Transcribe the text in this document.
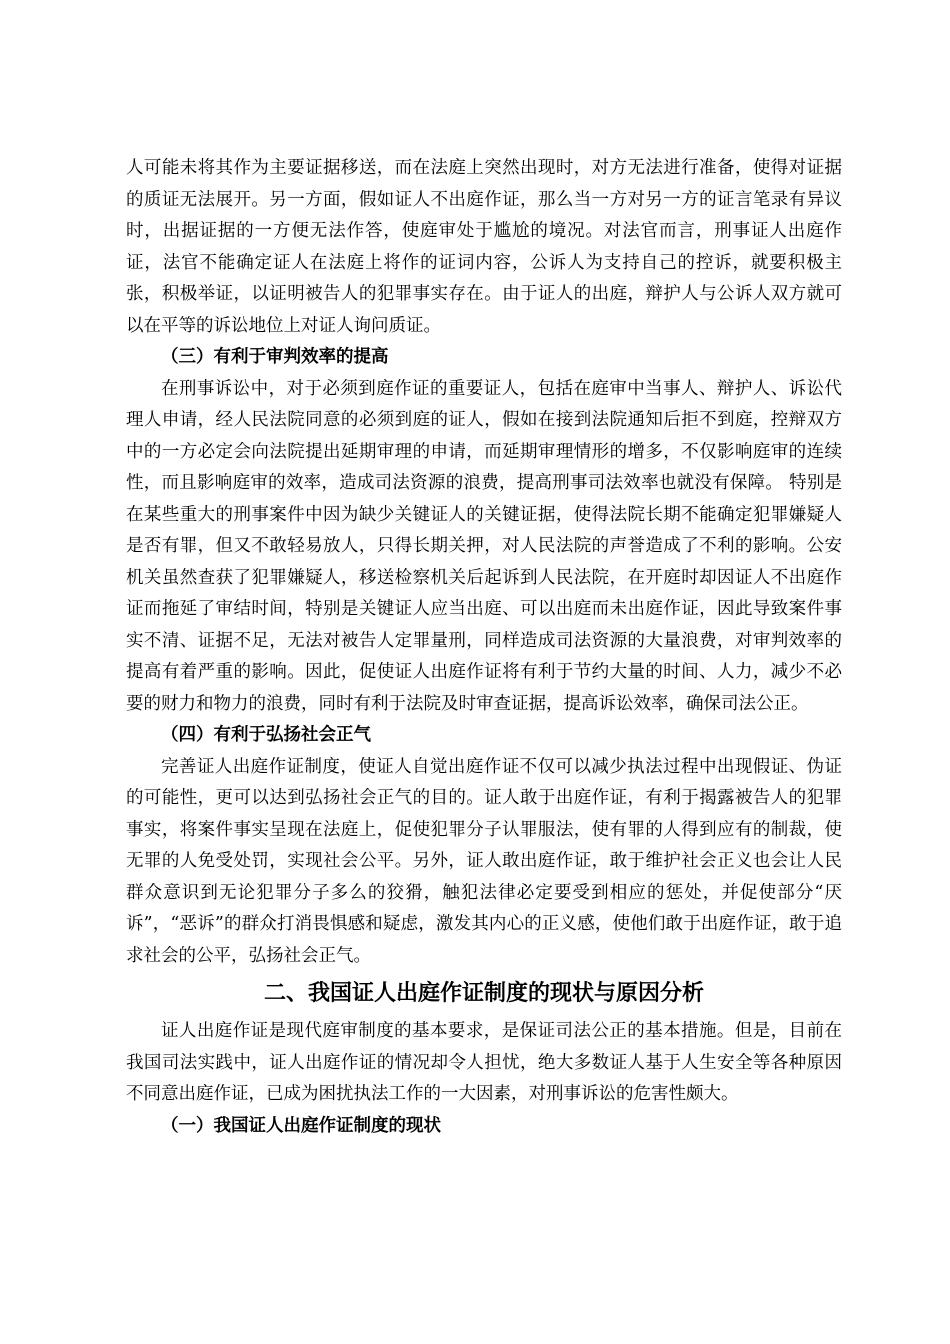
人可能未将其作为主要证据移送，而在法庭上突然出现时，对方无法进行准备，使得对证据的质证无法展开。另一方面，假如证人不出庭作证，那么当一方对另一方的证言笔录有异议时，出据证据的一方便无法作答，使庭审处于尴尬的境况。对法官而言，刑事证人出庭作证，法官不能确定证人在法庭上将作的证词内容，公诉人为支持自己的控诉，就要积极主张，积极举证，以证明被告人的犯罪事实存在。由于证人的出庭，辩护人与公诉人双方就可以在平等的诉讼地位上对证人询问质证。

（三）有利于审判效率的提高

在刑事诉讼中，对于必须到庭作证的重要证人，包括在庭审中当事人、辩护人、诉讼代理人申请，经人民法院同意的必须到庭的证人，假如在接到法院通知后拒不到庭，控辩双方中的一方必定会向法院提出延期审理的申请，而延期审理情形的增多，不仅影响庭审的连续性，而且影响庭审的效率，造成司法资源的浪费，提高刑事司法效率也就没有保障。 特别是在某些重大的刑事案件中因为缺少关键证人的关键证据，使得法院长期不能确定犯罪嫌疑人是否有罪，但又不敢轻易放人，只得长期关押，对人民法院的声誉造成了不利的影响。公安机关虽然查获了犯罪嫌疑人，移送检察机关后起诉到人民法院，在开庭时却因证人不出庭作证而拖延了审结时间，特别是关键证人应当出庭、可以出庭而未出庭作证，因此导致案件事实不清、证据不足，无法对被告人定罪量刑，同样造成司法资源的大量浪费，对审判效率的提高有着严重的影响。因此，促使证人出庭作证将有利于节约大量的时间、人力，减少不必要的财力和物力的浪费，同时有利于法院及时审查证据，提高诉讼效率，确保司法公正。

（四）有利于弘扬社会正气

完善证人出庭作证制度，使证人自觉出庭作证不仅可以减少执法过程中出现假证、伪证的可能性，更可以达到弘扬社会正气的目的。证人敢于出庭作证，有利于揭露被告人的犯罪事实，将案件事实呈现在法庭上，促使犯罪分子认罪服法，使有罪的人得到应有的制裁，使无罪的人免受处罚，实现社会公平。另外，证人敢出庭作证，敢于维护社会正义也会让人民群众意识到无论犯罪分子多么的狡猾，触犯法律必定要受到相应的惩处，并促使部分“厌诉”，“恶诉”的群众打消畏惧感和疑虑，激发其内心的正义感，使他们敢于出庭作证，敢于追求社会的公平，弘扬社会正气。

二、我国证人出庭作证制度的现状与原因分析

证人出庭作证是现代庭审制度的基本要求，是保证司法公正的基本措施。但是，目前在我国司法实践中，证人出庭作证的情况却令人担忧，绝大多数证人基于人生安全等各种原因不同意出庭作证，已成为困扰执法工作的一大因素，对刑事诉讼的危害性颇大。

（一）我国证人出庭作证制度的现状
